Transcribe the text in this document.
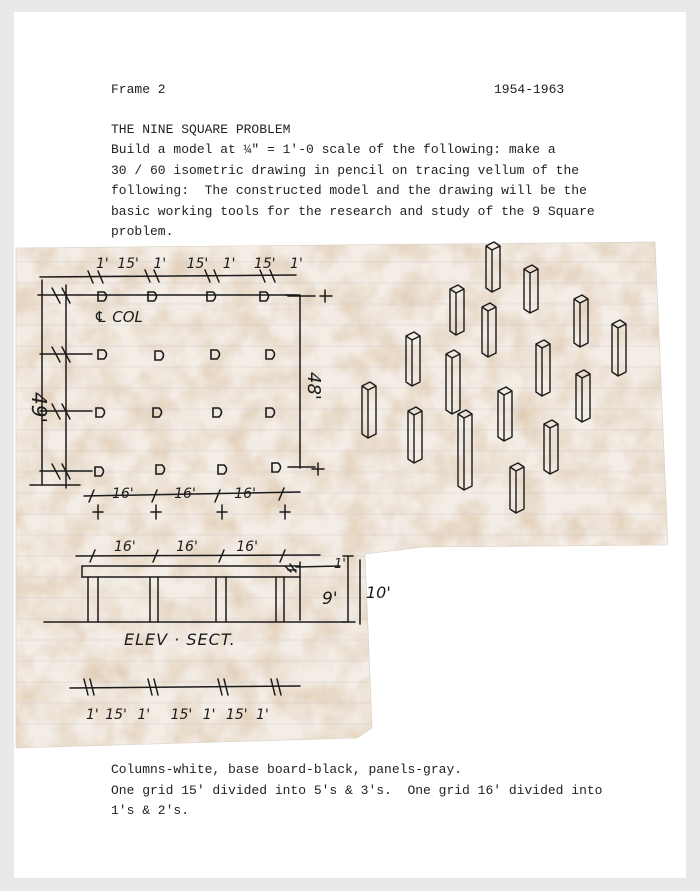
Frame 2	1954-1963
THE NINE SQUARE PROBLEM
Build a model at ¼" = 1'-0 scale of the following: make a
30 / 60 isometric drawing in pencil on tracing vellum of the
following:  The constructed model and the drawing will be the
basic working tools for the research and study of the 9 Square
problem.
1' 15' 1' 15' 1' 15' 1'
℄ COL
49'
48'
16'	16'	16'
16'	16'	16'
1'
9' 10'
ELEV · SECT.
1' 15' 1' 15' 1' 15' 1'
Columns-white, base board-black, panels-gray.
One grid 15' divided into 5's & 3's.  One grid 16' divided into
1's & 2's.
